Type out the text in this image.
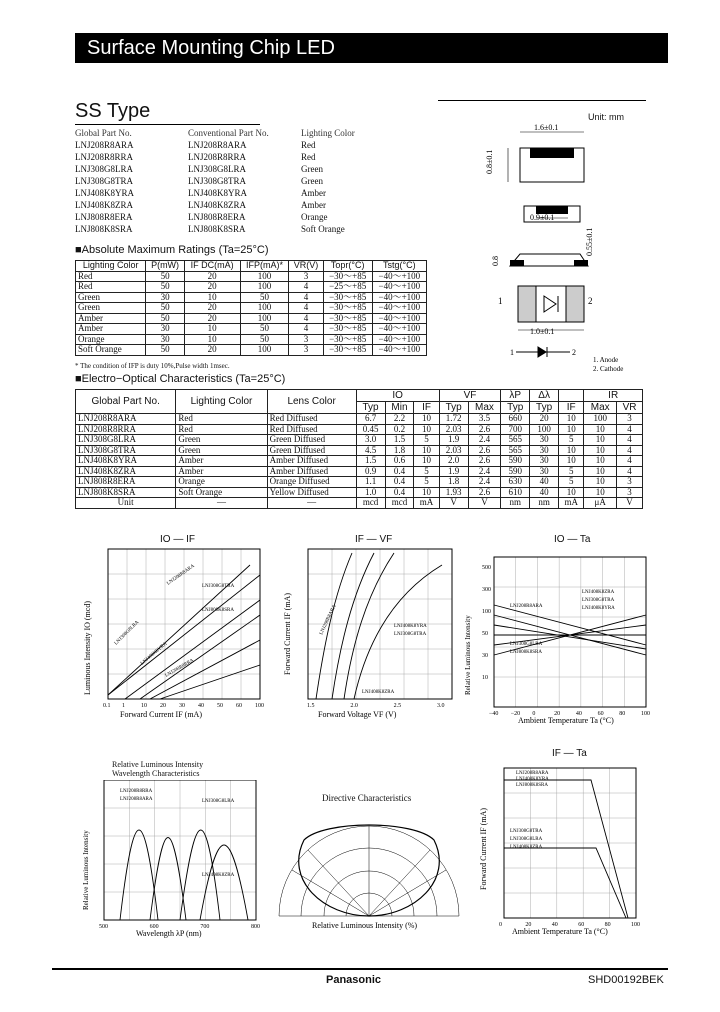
Surface Mounting Chip LED
SS Type
Global Part No.	Conventional Part No.	Lighting Color
LNJ208R8ARA	LNJ208R8ARA	Red
LNJ208R8RRA	LNJ208R8RRA	Red
LNJ308G8LRA	LNJ308G8LRA	Green
LNJ308G8TRA	LNJ308G8TRA	Green
LNJ408K8YRA	LNJ408K8YRA	Amber
LNJ408K8ZRA	LNJ408K8ZRA	Amber
LNJ808R8ERA	LNJ808R8ERA	Orange
LNJ808K8SRA	LNJ808K8SRA	Soft Orange
Unit: mm
1.6±0.1
0.8±0.1
0.9±0.1
0.55±0.1
0.8
1	2
1.0±0.1
1	2
1. Anode
2. Cathode
■Absolute Maximum Ratings (Ta=25°C)
Lighting Color	P(mW)	IF DC(mA)	IFP(mA)*	VR(V)	Topr(°C)	Tstg(°C)
Red	50	20	100	3	−30～+85	−40～+100
Red	50	20	100	4	−25～+85	−40～+100
Green	30	10	50	4	−30～+85	−40～+100
Green	50	20	100	4	−30～+85	−40～+100
Amber	50	20	100	4	−30～+85	−40～+100
Amber	30	10	50	4	−30～+85	−40～+100
Orange	30	10	50	3	−30～+85	−40～+100
Soft Orange	50	20	100	3	−30～+85	−40～+100
* The condition of IFP is duty 10%,Pulse width 1msec.
■Electro−Optical Characteristics (Ta=25°C)
Global Part No.	Lighting Color	Lens Color	IO			VF		λP	Δλ		IR	
			Typ	Min	IF	Typ	Max	Typ	Typ	IF	Max	VR
LNJ208R8ARA	Red	Red Diffused	6.7	2.2	10	1.72	3.5	660	20	10	100	3
LNJ208R8RRA	Red	Red Diffused	0.45	0.2	10	2.03	2.6	700	100	10	10	4
LNJ308G8LRA	Green	Green Diffused	3.0	1.5	5	1.9	2.4	565	30	5	10	4
LNJ308G8TRA	Green	Green Diffused	4.5	1.8	10	2.03	2.6	565	30	10	10	4
LNJ408K8YRA	Amber	Amber Diffused	1.5	0.6	10	2.0	2.6	590	30	10	10	4
LNJ408K8ZRA	Amber	Amber Diffused	0.9	0.4	5	1.9	2.4	590	30	5	10	4
LNJ808R8ERA	Orange	Orange Diffused	1.1	0.4	5	1.8	2.4	630	40	5	10	3
LNJ808K8SRA	Soft Orange	Yellow Diffused	1.0	0.4	10	1.93	2.6	610	40	10	10	3
Unit	—	—	mcd	mcd	mA	V	V	nm	nm	mA	μA	V
IO — IF
LNJ208R8ARA LNJ308G8TRA
LNJ808K8SRA
LNJ308G8LRA
LNJ408K8YRA
LNJ208R8RRA
Forward Current IF (mA)
Luminous Intensity IO (mcd)
0.1 1	10 20 30 40 50 60 100
IF — VF
LNJ208R8ARA	LNJ408K8YRA
LNJ308G8TRA
LNJ408K8ZRA
Forward Voltage VF (V)
Forward Current IF (mA)
1.5	2.0	2.5	3.0
IO — Ta
LNJ208R8ARA
LNJ408K8ZRA
LNJ308G8TRA
LNJ408K8YRA
LNJ308G8LRA
LNJ808K8SRA
500
300
100
50
30
10
Ambient Temperature Ta (°C)
Relative Luminous Intensity
−40 −20 0	20	40	60	80	100
Relative Luminous Intensity Wavelength Characteristics
LNJ208R8RRA
LNJ208R8ARA	LNJ308G8LRA
LNJ408K8ZRA
Wavelength λP (nm)
Relative Luminous Intensity
500	600	700	800
Directive Characteristics
Relative Luminous Intensity (%)
IF — Ta
LNJ208R8ARA
LNJ408K8YRA
LNJ808K8SRA
LNJ308G8TRA
LNJ308G8LRA
LNJ408K8ZRA
Ambient Temperature Ta (°C)
Forward Current IF (mA)
0	20	40	60	80	100
Panasonic	SHD00192BEK
